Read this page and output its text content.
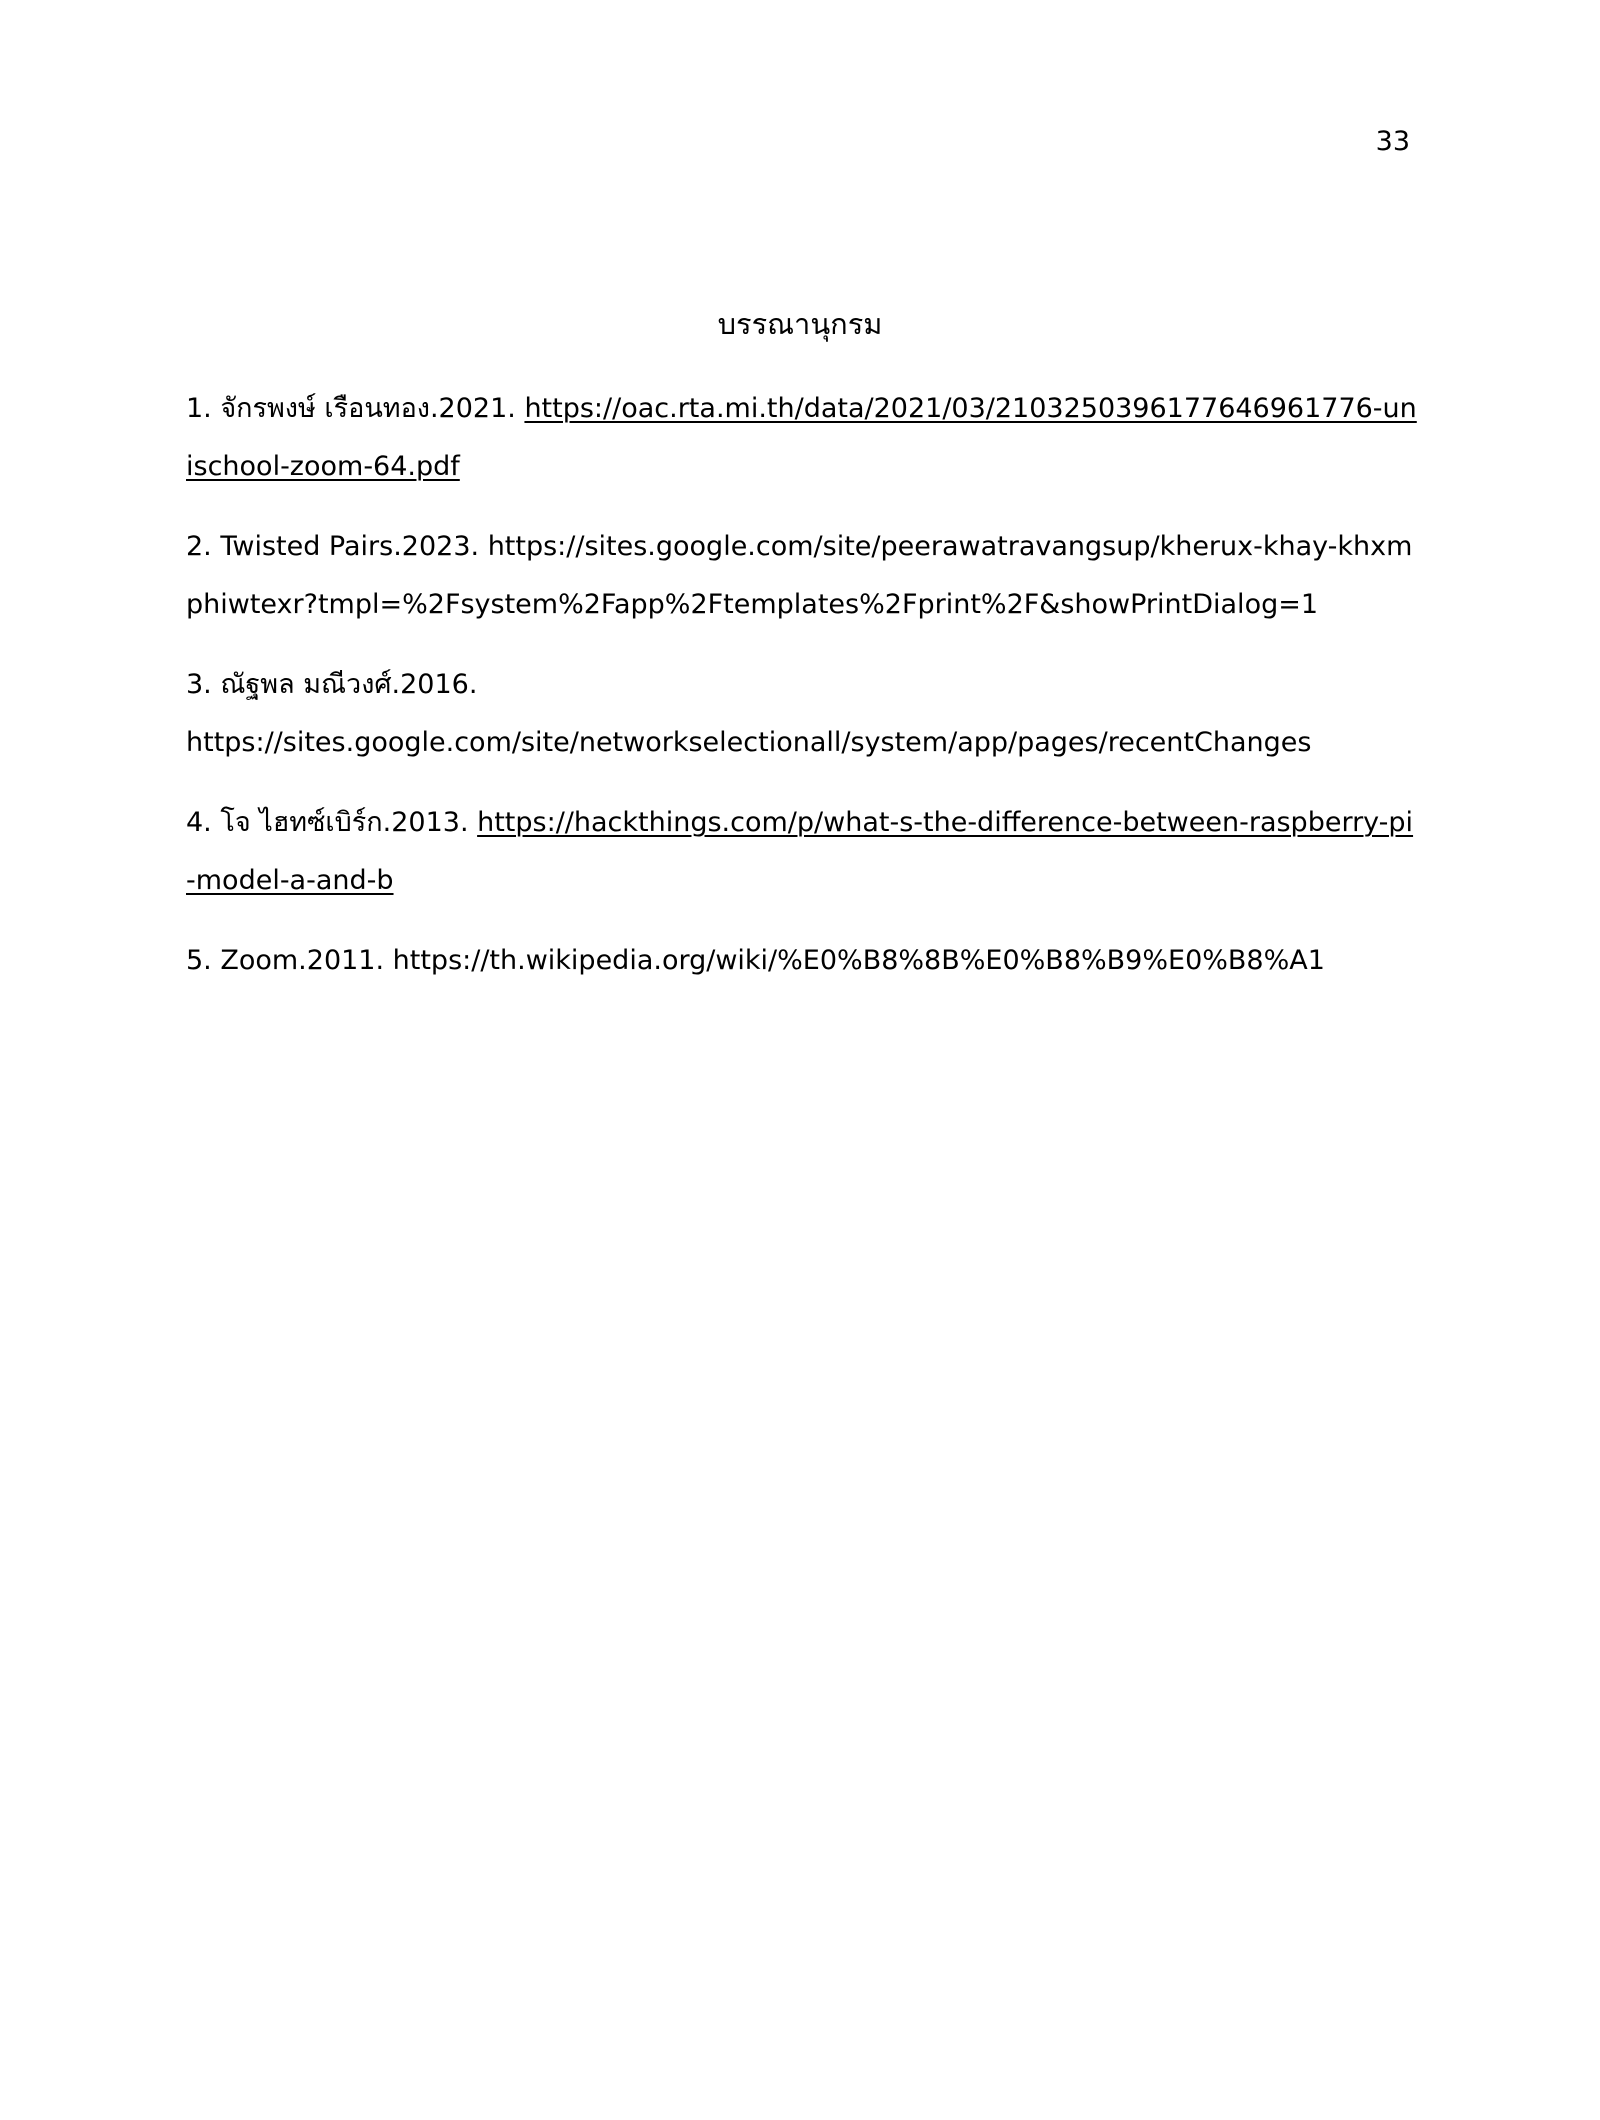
33
บรรณานุกรม
1. จักรพงษ์ เรือนทอง.2021. https://oac.rta.mi.th/data/2021/03/210325039617764696177​6-unischool-zoom-64.pdf
2. Twisted Pairs.2023. https://sites.google.com/site/peerawatravangsup/kherux-khay-khxmphiwtexr?tmpl=%2Fsystem%2Fapp%2Ftemplates%2Fprint%2F&showPrintDialog=1
3. ณัฐพล มณีวงศ์.2016.
https://sites.google.com/site/networkselectionall/system/app/pages/recentChanges
4. โจ ไฮทซ์เบิร์ก.2013. https://hackthings.com/p/what-s-the-difference-between-raspberry-pi-model-a-and-b
5. Zoom.2011. https://th.wikipedia.org/wiki/%E0%B8%8B%E0%B8%B9%E0%B8%A1
